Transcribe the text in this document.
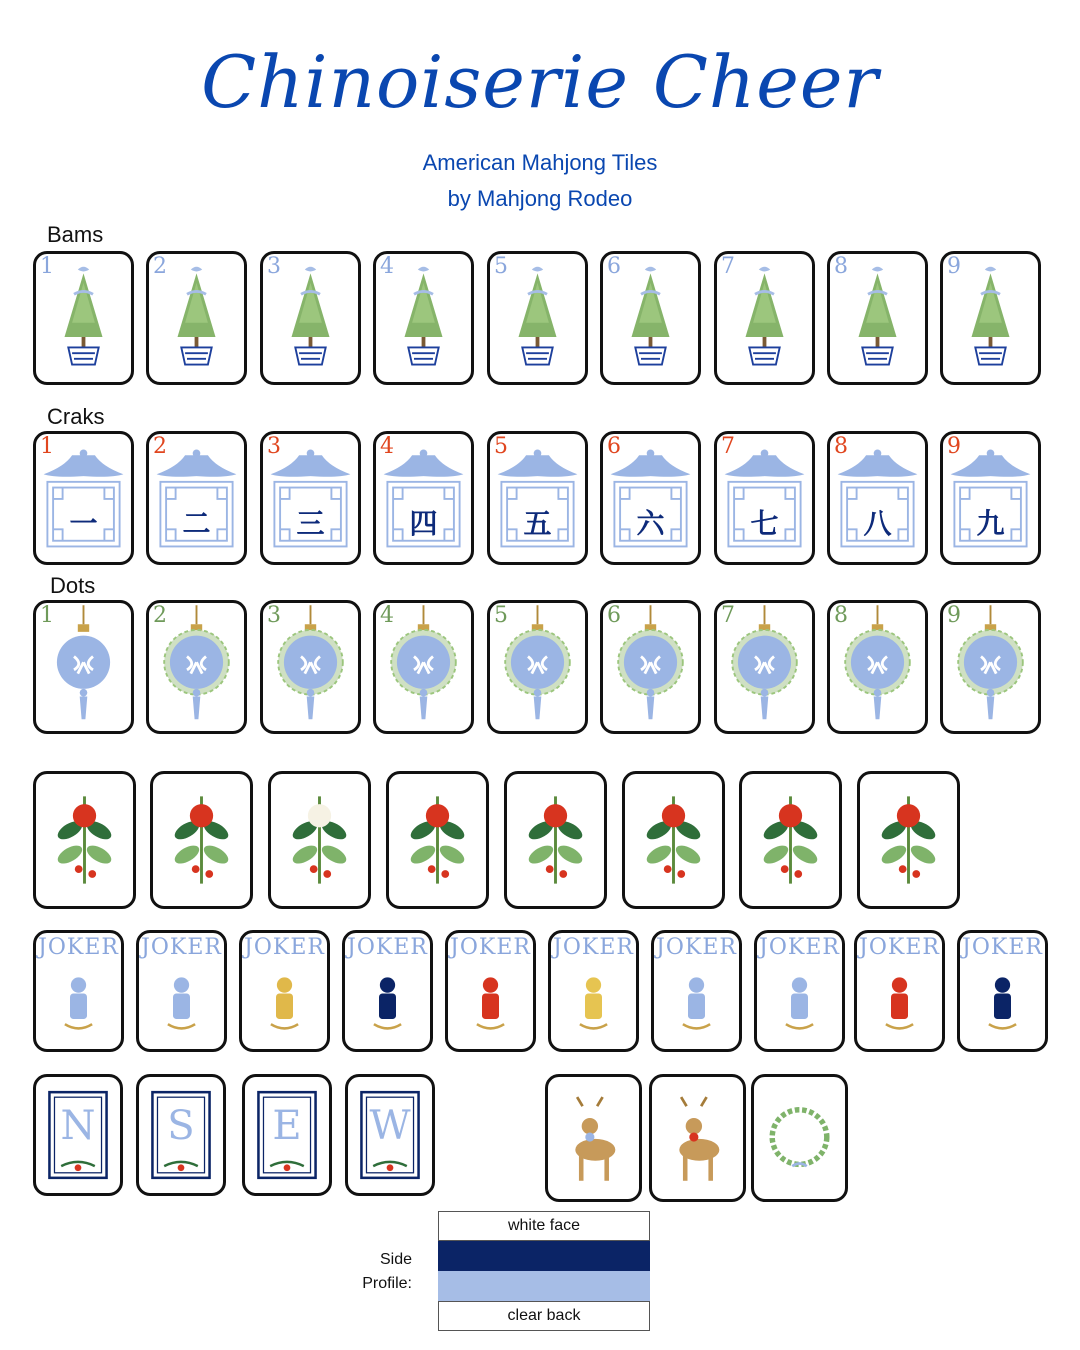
Chinoiserie Cheer
American Mahjong Tiles
by Mahjong Rodeo
Bams
Craks
Dots
1	2	3	4	5	6	7	8	9
1
一
2
二
3
三
4
四
5
五
6
六
7
七
8
八
9
九
1	2	3	4	5	6	7	8	9
JOKER JOKER JOKER JOKER JOKER JOKER JOKER JOKER JOKER JOKER
N	S	E	W
Side
Profile:
white face
clear back
